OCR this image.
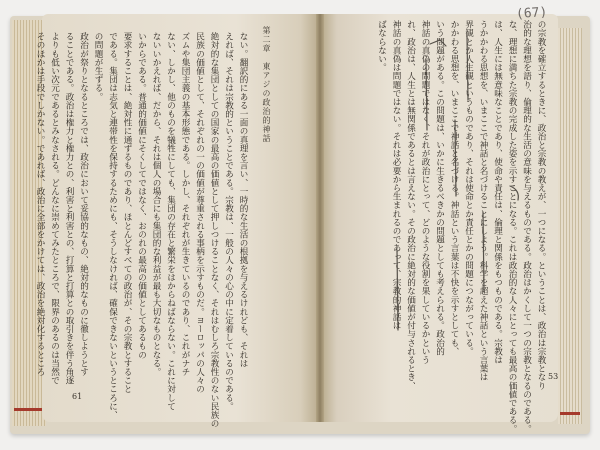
第二章　東アジの政治的神話

ない。翻訳的にある一面の真理を言い、一時的な生活の根拠を与えるけれども、それは

えれば、それは宗教的ということである。宗教は、一般の人々の心の中に定着しているのである。

絶対的な集団としての国家の最高の価値として押しつけることなく、それはむしろ宗教性のない民族の

民族の価値として、それぞれの一の価値が尊重される事柄を示すものだ。ヨーロッパの人々の

ズムや集団主義の基本形態である。しかし、それぞれが生きているのであり、これがナチ

ない、しかし、他のものを犠牲にしても、集団の存在と繁栄をはからねばならない。これに対して

ないいかえれば、だから、それは個人の場合にも集団的な利益が最も大切なものとなる。

いからである。普通的価値にそくしてではなく、おのれの最高の価値としてあるもの

要求することは、絶対性に通ずるものであり、ほとんどすべての政治が、その宗教とすること

である。集団は志気と連帯性を保持するためにも、そうしなければ、確保できないというところに、

の問題が生ずる。

政治が祭りとなるところでは、政治において妥協的なもの、絶対的なものに徹しようとす

ることである。政治は権力と権力との、利害と利害との、打算と打算との取引きを伴う角逐

よりも低い次元であるとみなされる。どんなに崇めてみたところで、限界のあるのは当然で

そのほかは手段でしかない。であれば、政治に全部をかけては、政治を絶対化するところ	の宗教を確立するときに、政治と宗教の教えが、一つになる。ということは、政治は宗教となり

治的な理想を語り、倫理的な生活の意味を与えるものである。政治はかくして一つの宗教となるのである。

な、理想に満ちた宗教の完成した姿を示すことになる。これは政治的な人々にとっても最高の価値である。

は、人生には無意味なことであり、使命や責任は、倫理と関係をもつものである。宗教は

うかかわる思想を、いまここで神話と名づけることにしよう。科学を超えた神話という言葉は

界観とか人生観というものであり、それは使命とか責任とかの問題につながっている。

かかわる思想を、いまここで神話と名づける。神話という言葉は不快を示すとしても、

いう問題がある。この問題は、いかに生きるべきかの問題としても考えられる。政治的

神話の真偽の問題ではなく、それが政治にとって、どのような役割を果しているかという

れ、政治は、人生とは無関係であるとは言えない。その政治に絶対的な価値が付与されるとき、

神話の真偽は問題ではない。それは必要から生まれるのであって、宗教的神話は

ばならない。

61
53
(67)
